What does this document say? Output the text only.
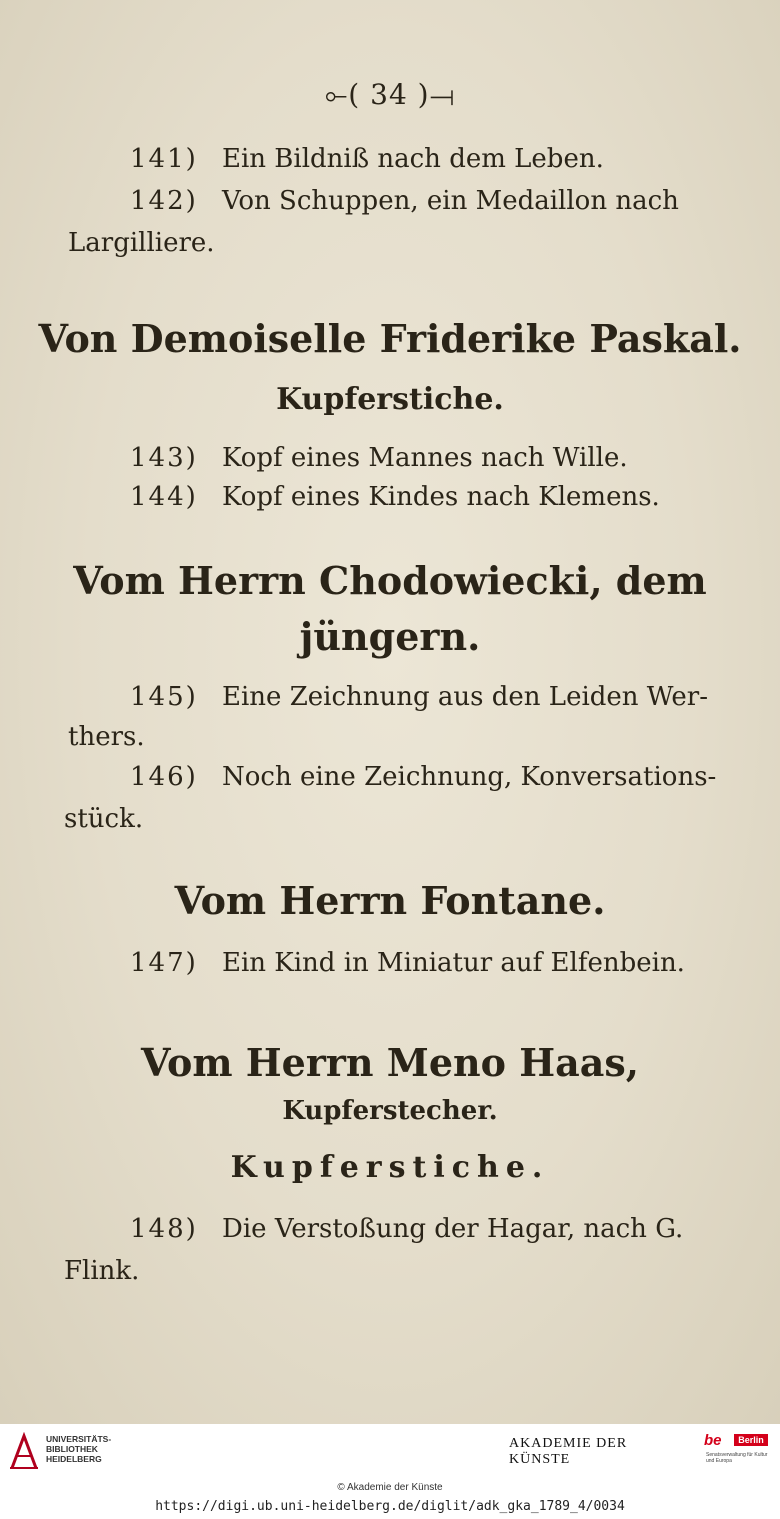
⟜( 34 )⟞
141) Ein Bildniß nach dem Leben.
142) Von Schuppen, ein Medaillon nach
Largilliere.
Von Demoiselle Friderike Paskal.
Kupferstiche.
143) Kopf eines Mannes nach Wille.
144) Kopf eines Kindes nach Klemens.
Vom Herrn Chodowiecki, dem
jüngern.
145) Eine Zeichnung aus den Leiden Wer-
thers.
146) Noch eine Zeichnung, Konversations-
stück.
Vom Herrn Fontane.
147) Ein Kind in Miniatur auf Elfenbein.
Vom Herrn Meno Haas,
Kupferstecher.
Kupferstiche.
148) Die Verstoßung der Hagar, nach G.
Flink.
UNIVERSITÄTS-
BIBLIOTHEK
HEIDELBERG
AKADEMIE DER KÜNSTE
be	Berlin
Senatsverwaltung für Kultur und Europa
© Akademie der Künste
https://digi.ub.uni-heidelberg.de/diglit/adk_gka_1789_4/0034
